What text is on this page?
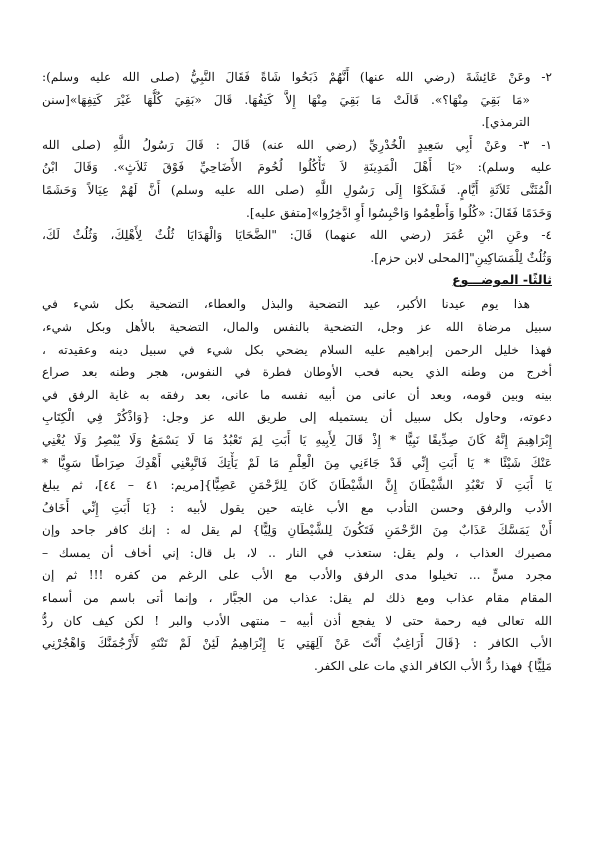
٢- وعَنْ عَائِشَةَ (رضي الله عنها) أَنَّهُمْ ذَبَحُوا شَاةً فَقَالَ النَّبِيُّ (صلى الله عليه وسلم):
«مَا بَقِيَ مِنْهَا؟». قَالَتْ مَا بَقِيَ مِنْهَا إِلاَّ كَتِفُهَا. قَالَ «بَقِيَ كُلُّهَا غَيْرَ كَتِفِهَا»[سنن
الترمذي].
١- ٣- وعَنْ أَبِي سَعِيدٍ الْخُدْرِيِّ (رضي الله عنه) قَالَ : قَالَ رَسُولُ اللَّهِ (صلى الله
عليه وسلم): «يَا أَهْلَ الْمَدِينَةِ لاَ تَأْكُلُوا لُحُومَ الأَضَاحِيِّ فَوْقَ ثَلاَثٍ». وَقَالَ ابْنُ
الْمُثَنَّى ثَلاَثَةِ أَيَّامٍ. فَشَكَوْا إِلَى رَسُولِ اللَّهِ (صلى الله عليه وسلم) أَنَّ لَهُمْ عِيَالاً وَحَشَمًا
وَخَدَمًا فَقَالَ: «كُلُوا وَأَطْعِمُوا وَاحْبِسُوا أَوِ ادَّخِرُوا»[متفق عليه].
٤- وعَنِ ابْنِ عُمَرَ (رضي الله عنهما) قَالَ: "الضَّحَايَا وَالْهَدَايَا ثُلُثٌ لِأَهْلِكَ، وَثُلُثٌ لَكَ،
وَثُلُثٌ لِلْمَسَاكِينِ"[المحلى لابن حزم].
ثالثًا- الموضـــوع
هذا يوم عيدنا الأكبر، عيد التضحية والبذل والعطاء، التضحية بكل شيء في
سبيل مرضاة الله عز وجل، التضحية بالنفس والمال، التضحية بالأهل وبكل شيء،
فهذا خليل الرحمن إبراهيم عليه السلام يضحي بكل شيء في سبيل دينه وعقيدته ،
أخرج من وطنه الذي يحبه فحب الأوطان فطرة في النفوس، هجر وطنه بعد صراع
بينه وبين قومه، وبعد أن عانى من أبيه نفسه ما عانى، بعد رفقه به غاية الرفق في
دعوته، وحاول بكل سبيل أن يستميله إلى طريق الله عز وجل: {وَاذْكُرْ فِي الْكِتَابِ
إِبْرَاهِيمَ إِنَّهُ كَانَ صِدِّيقًا نَبِيًّا * إِذْ قَالَ لِأَبِيهِ يَا أَبَتِ لِمَ تَعْبُدُ مَا لَا يَسْمَعُ وَلَا يُبْصِرُ وَلَا يُغْنِي
عَنْكَ شَيْئًا * يَا أَبَتِ إِنِّي قَدْ جَاءَنِي مِنَ الْعِلْمِ مَا لَمْ يَأْتِكَ فَاتَّبِعْنِي أَهْدِكَ صِرَاطًا سَوِيًّا *
يَا أَبَتِ لَا تَعْبُدِ الشَّيْطَانَ إِنَّ الشَّيْطَانَ كَانَ لِلرَّحْمَنِ عَصِيًّا}[مريم: ٤١ – ٤٤]، ثم يبلغ
الأدب والرفق وحسن التأدب مع الأب غايته حين يقول لأبيه : {يَا أَبَتِ إِنِّي أَخَافُ
أَنْ يَمَسَّكَ عَذَابٌ مِنَ الرَّحْمَنِ فَتَكُونَ لِلشَّيْطَانِ وَلِيًّا} لم يقل له : إنك كافر جاحد وإن
مصيرك العذاب ، ولم يقل: ستعذب في النار .. لا، بل قال: إني أخاف أن يمسك –
مجرد مسٍّ ... تخيلوا مدى الرفق والأدب مع الأب على الرغم من كفره !!! ثم إن
المقام مقام عذاب ومع ذلك لم يقل: عذاب من الجبَّار ، وإنما أتى باسم من أسماء
الله تعالى فيه رحمة حتى لا يفجع أذن أبيه – منتهى الأدب والبر ! لكن كيف كان ردُّ
الأب الكافر : {قَالَ أَرَاغِبٌ أَنْتَ عَنْ آلِهَتِي يَا إِبْرَاهِيمُ لَئِنْ لَمْ تَنْتَهِ لَأَرْجُمَنَّكَ وَاهْجُرْنِي
مَلِيًّا} فهذا ردُّ الأب الكافر الذي مات على الكفر.
